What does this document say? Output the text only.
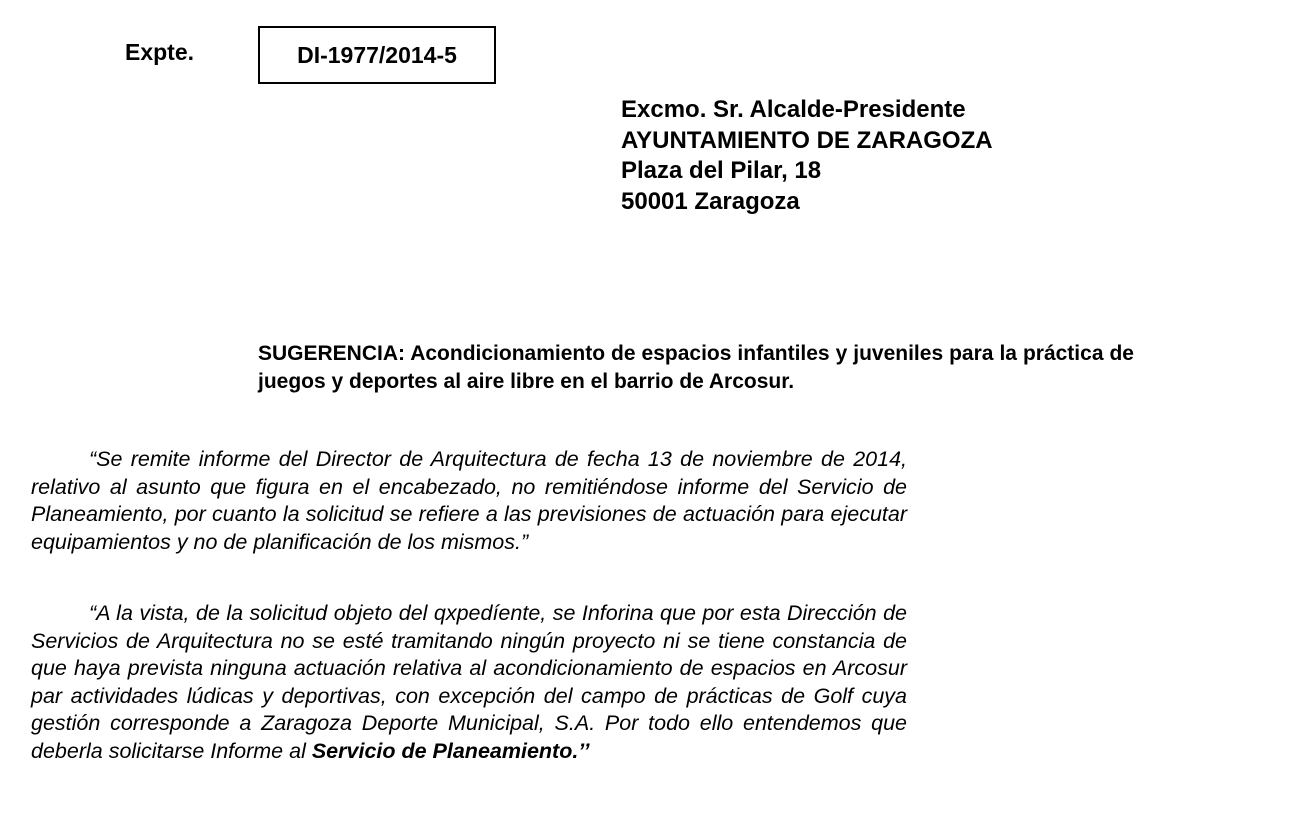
Expte.	DI-1977/2014-5
Excmo. Sr. Alcalde-Presidente
AYUNTAMIENTO DE ZARAGOZA
Plaza del Pilar, 18
50001 Zaragoza
SUGERENCIA: Acondicionamiento de espacios infantiles y juveniles para la práctica de juegos y deportes al aire libre en el barrio de Arcosur.
“Se remite informe del Director de Arquitectura de fecha 13 de noviembre de 2014, relativo al asunto que figura en el encabezado, no remitiéndose informe del Servicio de Planeamiento, por cuanto la solicitud se refiere a las previsiones de actuación para ejecutar equipamientos y no de planificación de los mismos.”
“A la vista, de la solicitud objeto del qxpedíente, se Inforina que por esta Dirección de Servicios de Arquitectura no se esté tramitando ningún proyecto ni se tiene constancia de que haya prevista ninguna actuación relativa al acondicionamiento de espacios en Arcosur par actividades lúdicas y deportivas, con excepción del campo de prácticas de Golf cuya gestión corresponde a Zaragoza Deporte Municipal, S.A. Por todo ello entendemos que deberla solicitarse Informe al Servicio de Planeamiento.’’
